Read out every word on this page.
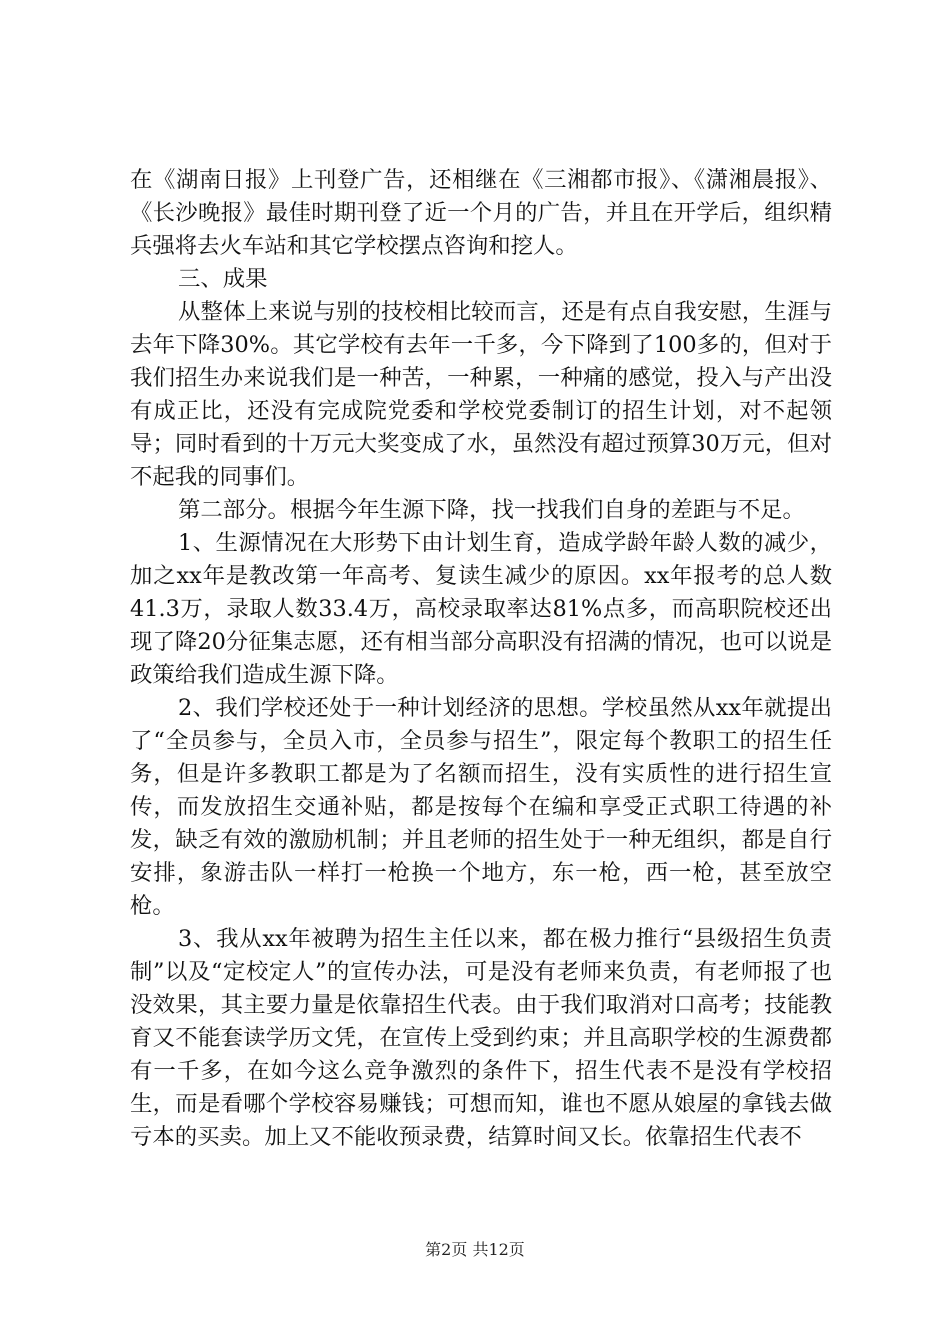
在《湖南日报》上刊登广告，还相继在《三湘都市报》、《潇湘晨报》、《长沙晚报》最佳时期刊登了近一个月的广告，并且在开学后，组织精兵强将去火车站和其它学校摆点咨询和挖人。

三、成果

从整体上来说与别的技校相比较而言，还是有点自我安慰，生涯与去年下降30%。其它学校有去年一千多，今下降到了100多的，但对于我们招生办来说我们是一种苦，一种累，一种痛的感觉，投入与产出没有成正比，还没有完成院党委和学校党委制订的招生计划，对不起领导；同时看到的十万元大奖变成了水，虽然没有超过预算30万元，但对不起我的同事们。

第二部分。根据今年生源下降，找一找我们自身的差距与不足。

1、生源情况在大形势下由计划生育，造成学龄年龄人数的减少，加之xx年是教改第一年高考、复读生减少的原因。xx年报考的总人数41.3万，录取人数33.4万，高校录取率达81%点多，而高职院校还出现了降20分征集志愿，还有相当部分高职没有招满的情况，也可以说是政策给我们造成生源下降。

2、我们学校还处于一种计划经济的思想。学校虽然从xx年就提出了“全员参与，全员入市，全员参与招生”，限定每个教职工的招生任务，但是许多教职工都是为了名额而招生，没有实质性的进行招生宣传，而发放招生交通补贴，都是按每个在编和享受正式职工待遇的补发，缺乏有效的激励机制；并且老师的招生处于一种无组织，都是自行安排，象游击队一样打一枪换一个地方，东一枪，西一枪，甚至放空枪。

3、我从xx年被聘为招生主任以来，都在极力推行“县级招生负责制”以及“定校定人”的宣传办法，可是没有老师来负责，有老师报了也没效果，其主要力量是依靠招生代表。由于我们取消对口高考；技能教育又不能套读学历文凭，在宣传上受到约束；并且高职学校的生源费都有一千多，在如今这么竞争激烈的条件下，招生代表不是没有学校招生，而是看哪个学校容易赚钱；可想而知，谁也不愿从娘屋的拿钱去做亏本的买卖。加上又不能收预录费，结算时间又长。依靠招生代表不

第2页 共12页
